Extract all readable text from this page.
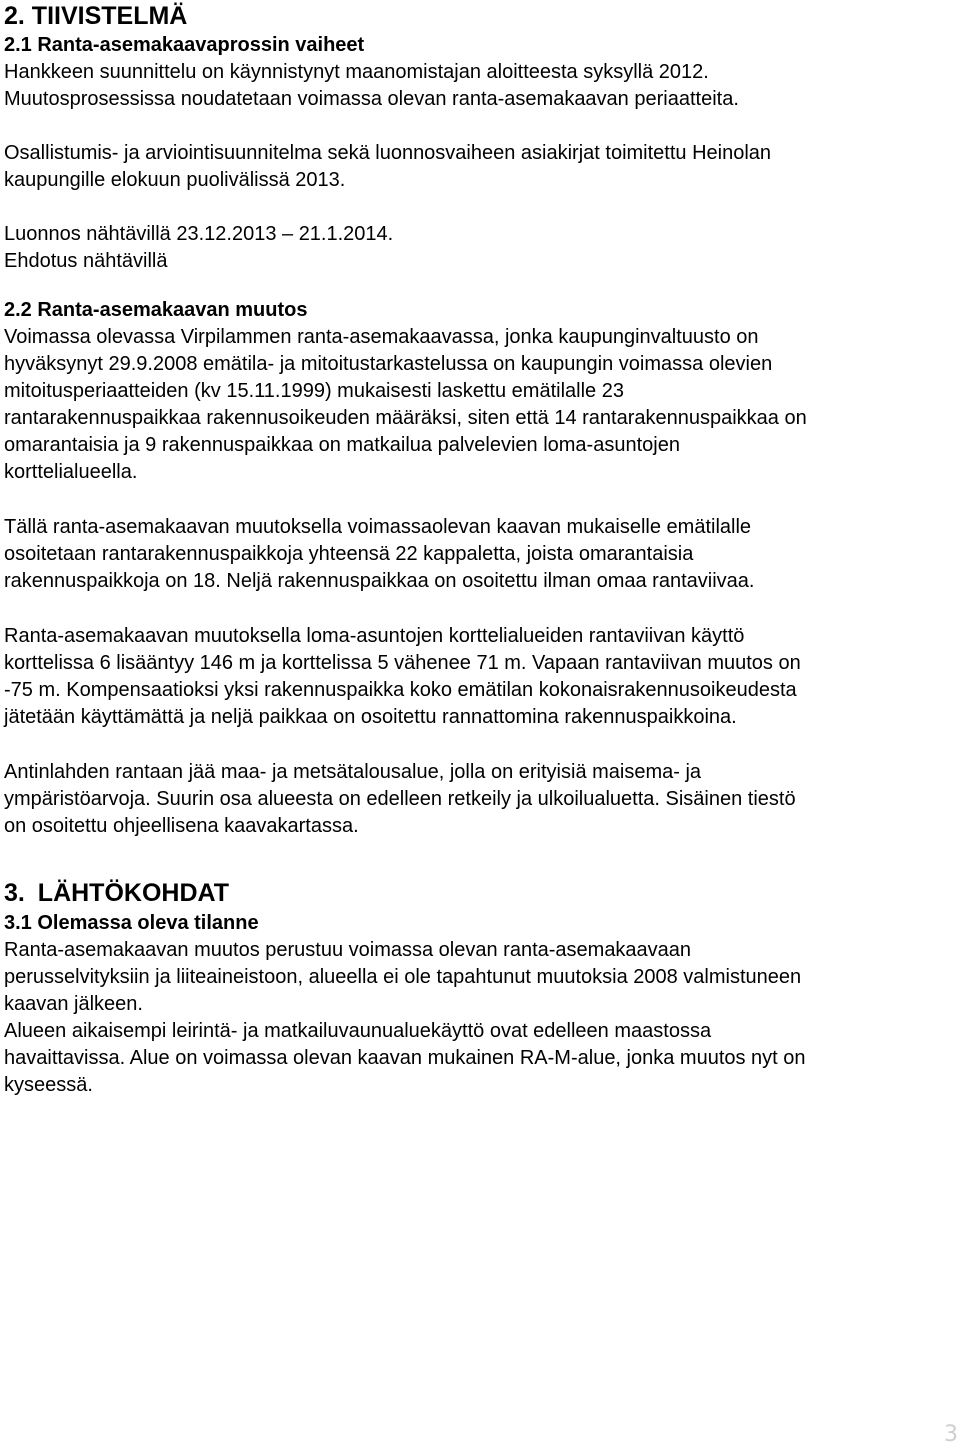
2. TIIVISTELMÄ
2.1 Ranta-asemakaavaprossin vaiheet
Hankkeen suunnittelu on käynnistynyt maanomistajan aloitteesta syksyllä 2012.
Muutosprosessissa noudatetaan voimassa olevan ranta-asemakaavan periaatteita.
Osallistumis- ja arviointisuunnitelma sekä luonnosvaiheen asiakirjat toimitettu Heinolan
kaupungille elokuun puolivälissä 2013.
Luonnos nähtävillä 23.12.2013 – 21.1.2014.
Ehdotus nähtävillä
2.2 Ranta-asemakaavan muutos
Voimassa olevassa Virpilammen ranta-asemakaavassa, jonka kaupunginvaltuusto on
hyväksynyt 29.9.2008 emätila- ja mitoitustarkastelussa on kaupungin voimassa olevien
mitoitusperiaatteiden (kv 15.11.1999) mukaisesti laskettu emätilalle 23
rantarakennuspaikkaa rakennusoikeuden määräksi, siten että 14 rantarakennuspaikkaa on
omarantaisia ja 9 rakennuspaikkaa on matkailua palvelevien loma-asuntojen
korttelialueella.
Tällä ranta-asemakaavan muutoksella voimassaolevan kaavan mukaiselle emätilalle
osoitetaan rantarakennuspaikkoja yhteensä 22 kappaletta, joista omarantaisia
rakennuspaikkoja on 18. Neljä rakennuspaikkaa on osoitettu ilman omaa rantaviivaa.
Ranta-asemakaavan muutoksella loma-asuntojen korttelialueiden rantaviivan käyttö
korttelissa 6 lisääntyy 146 m ja korttelissa 5 vähenee 71 m. Vapaan rantaviivan muutos on
-75 m. Kompensaatioksi yksi rakennuspaikka koko emätilan kokonaisrakennusoikeudesta
jätetään käyttämättä ja neljä paikkaa on osoitettu rannattomina rakennuspaikkoina.
Antinlahden rantaan jää maa- ja metsätalousalue, jolla on erityisiä maisema- ja
ympäristöarvoja. Suurin osa alueesta on edelleen retkeily ja ulkoilualuetta. Sisäinen tiestö
on osoitettu ohjeellisena kaavakartassa.
3. LÄHTÖKOHDAT
3.1 Olemassa oleva tilanne
Ranta-asemakaavan muutos perustuu voimassa olevan ranta-asemakaavaan
perusselvityksiin ja liiteaineistoon, alueella ei ole tapahtunut muutoksia 2008 valmistuneen
kaavan jälkeen.
Alueen aikaisempi leirintä- ja matkailuvaunualuekäyttö ovat edelleen maastossa
havaittavissa. Alue on voimassa olevan kaavan mukainen RA-M-alue, jonka muutos nyt on
kyseessä.
3
